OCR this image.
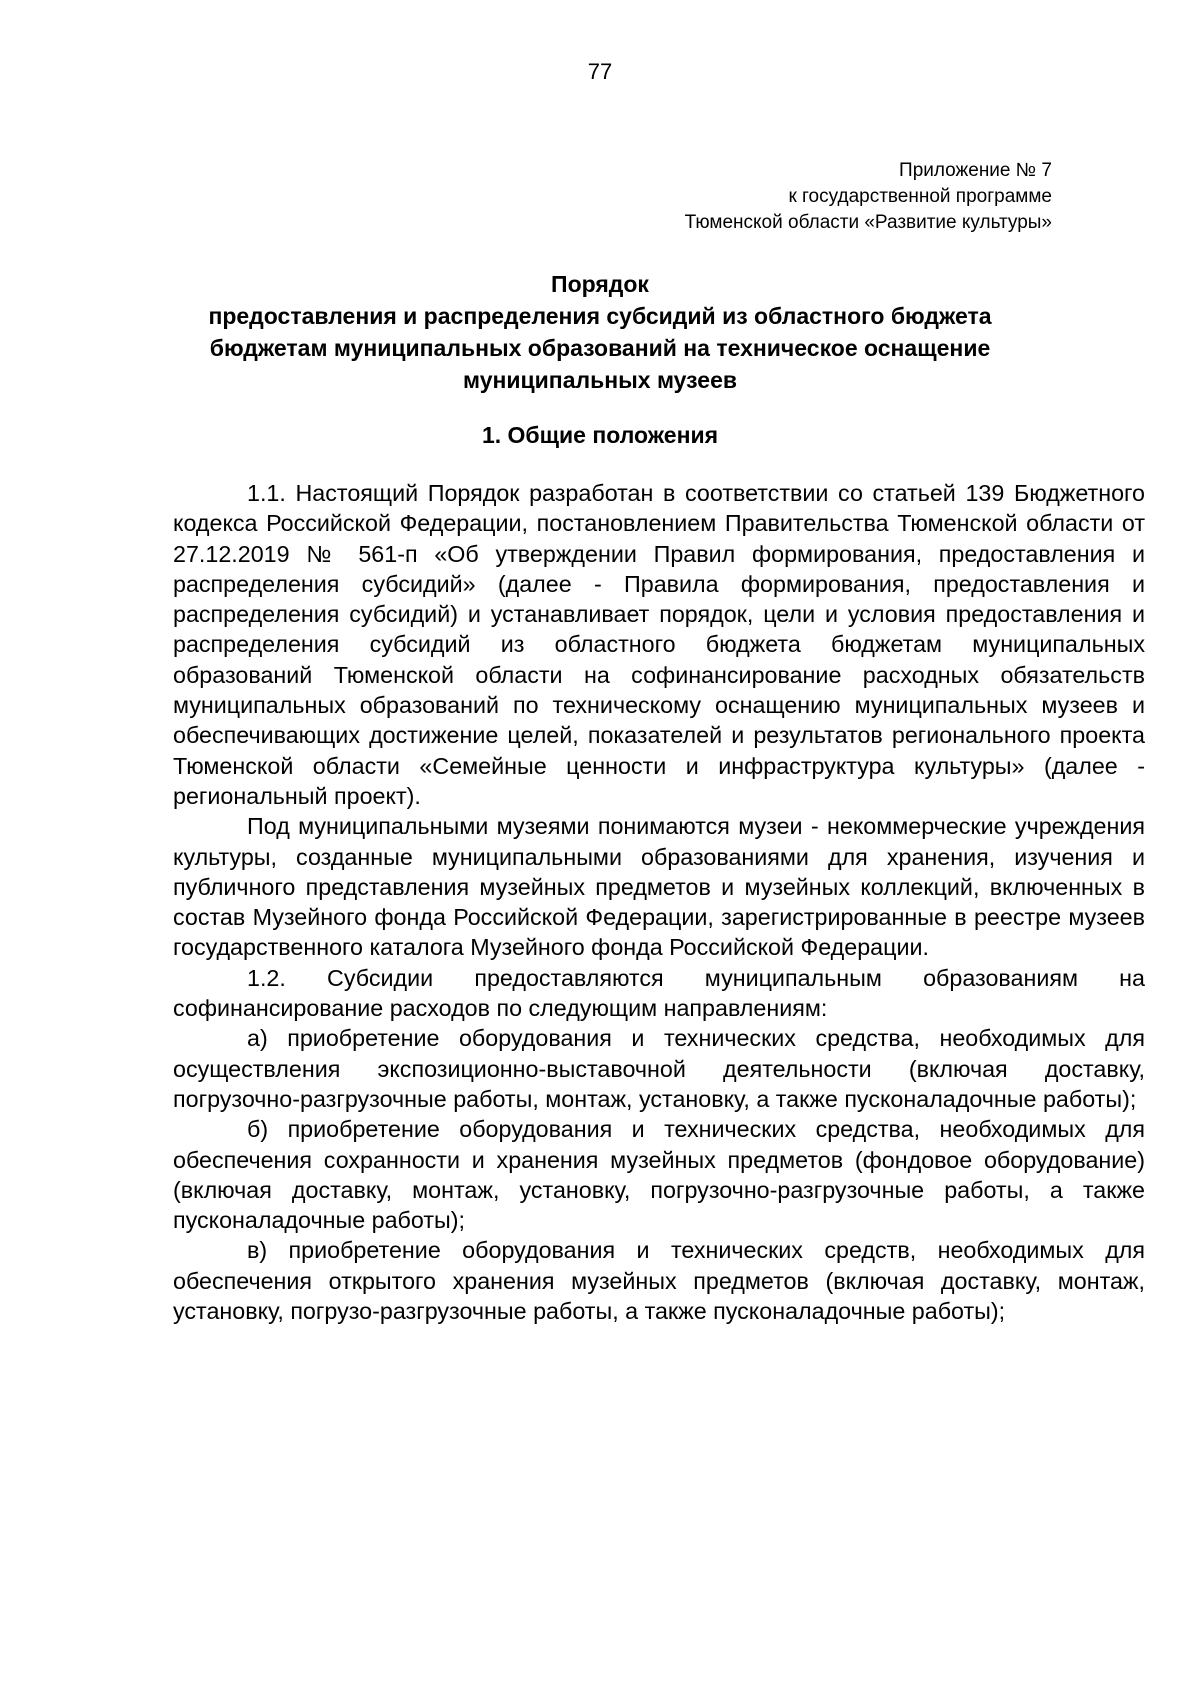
77
Приложение № 7
к государственной программе
Тюменской области «Развитие культуры»
Порядок
предоставления и распределения субсидий из областного бюджета
бюджетам муниципальных образований на техническое оснащение
муниципальных музеев
1. Общие положения

1.1. Настоящий Порядок разработан в соответствии со статьей 139 Бюджетного кодекса Российской Федерации, постановлением Правительства Тюменской области от 27.12.2019 № 561-п «Об утверждении Правил формирования, предоставления и распределения субсидий» (далее - Правила формирования, предоставления и распределения субсидий) и устанавливает порядок, цели и условия предоставления и распределения субсидий из областного бюджета бюджетам муниципальных образований Тюменской области на софинансирование расходных обязательств муниципальных образований по техническому оснащению муниципальных музеев и обеспечивающих достижение целей, показателей и результатов регионального проекта Тюменской области «Семейные ценности и инфраструктура культуры» (далее - региональный проект).

Под муниципальными музеями понимаются музеи - некоммерческие учреждения культуры, созданные муниципальными образованиями для хранения, изучения и публичного представления музейных предметов и музейных коллекций, включенных в состав Музейного фонда Российской Федерации, зарегистрированные в реестре музеев государственного каталога Музейного фонда Российской Федерации.

1.2. Субсидии предоставляются муниципальным образованиям на софинансирование расходов по следующим направлениям:

а) приобретение оборудования и технических средства, необходимых для осуществления экспозиционно-выставочной деятельности (включая доставку, погрузочно-разгрузочные работы, монтаж, установку, а также пусконаладочные работы);

б) приобретение оборудования и технических средства, необходимых для обеспечения сохранности и хранения музейных предметов (фондовое оборудование) (включая доставку, монтаж, установку, погрузочно-разгрузочные работы, а также пусконаладочные работы);

в) приобретение оборудования и технических средств, необходимых для обеспечения открытого хранения музейных предметов (включая доставку, монтаж, установку, погрузо-разгрузочные работы, а также пусконаладочные работы);
